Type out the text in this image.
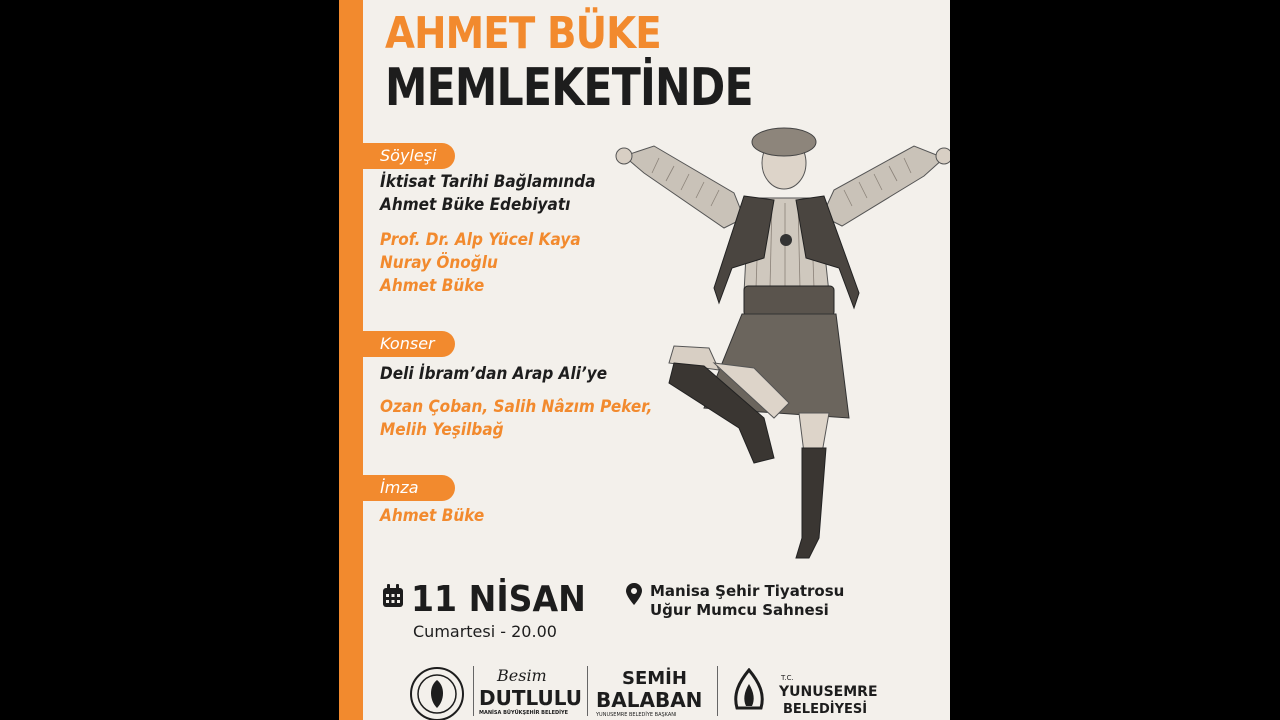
AHMET BÜKE
MEMLEKETİNDE
Söyleşi
İktisat Tarihi Bağlamında
Ahmet Büke Edebiyatı
Prof. Dr. Alp Yücel Kaya
Nuray Önoğlu
Ahmet Büke
Konser
Deli İbram’dan Arap Ali’ye
Ozan Çoban, Salih Nâzım Peker,
Melih Yeşilbağ
İmza
Ahmet Büke
11 NİSAN
Cumartesi - 20.00
Manisa Şehir Tiyatrosu
Uğur Mumcu Sahnesi
Besim
DUTLULU
MANİSA BÜYÜKŞEHİR BELEDİYE
SEMİH
BALABAN
YUNUSEMRE BELEDİYE BAŞKANI
T.C.
YUNUSEMRE
BELEDİYESİ
